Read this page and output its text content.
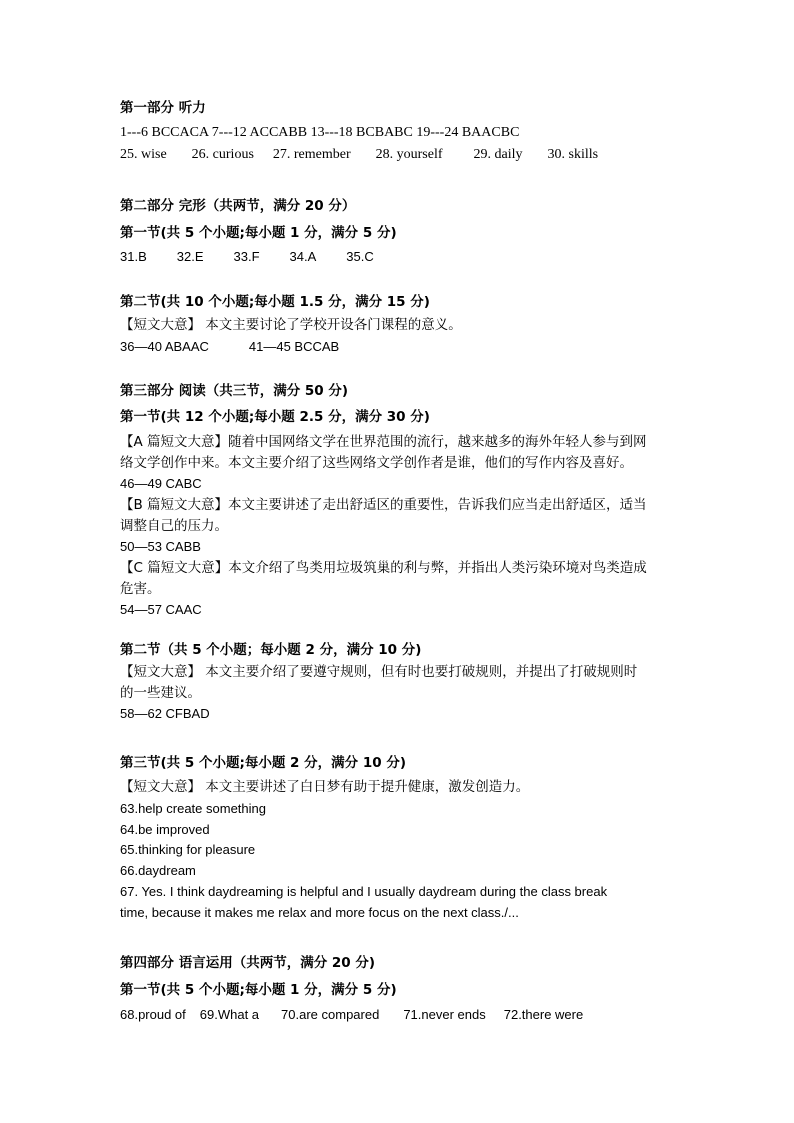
第一部分 听力
1---6 BCCACA 7---12 ACCABB 13---18 BCBABC 19---24 BAACBC
25. wise 26. curious 27. remember 28. yourself 29. daily 30. skills
第二部分 完形（共两节，满分 20 分）
第一节(共 5 个小题;每小题 1 分，满分 5 分)
31.B 32.E 33.F 34.A 35.C
第二节(共 10 个小题;每小题 1.5 分，满分 15 分)
【短文大意】 本文主要讨论了学校开设各门课程的意义。
36—40 ABAAC	41—45 BCCAB
第三部分 阅读（共三节，满分 50 分)
第一节(共 12 个小题;每小题 2.5 分，满分 30 分)
【A 篇短文大意】随着中国网络文学在世界范围的流行，越来越多的海外年轻人参与到网
络文学创作中来。本文主要介绍了这些网络文学创作者是谁，他们的写作内容及喜好。
46—49 CABC
【B 篇短文大意】本文主要讲述了走出舒适区的重要性，告诉我们应当走出舒适区，适当
调整自己的压力。
50—53 CABB
【C 篇短文大意】本文介绍了鸟类用垃圾筑巢的利与弊，并指出人类污染环境对鸟类造成
危害。
54—57 CAAC
第二节（共 5 个小题；每小题 2 分，满分 10 分)
【短文大意】 本文主要介绍了要遵守规则，但有时也要打破规则，并提出了打破规则时
的一些建议。
58—62 CFBAD
第三节(共 5 个小题;每小题 2 分，满分 10 分)
【短文大意】 本文主要讲述了白日梦有助于提升健康，激发创造力。
63.help create something
64.be improved
65.thinking for pleasure
66.daydream
67. Yes. I think daydreaming is helpful and I usually daydream during the class break
time, because it makes me relax and more focus on the next class./...
第四部分 语言运用（共两节，满分 20 分)
第一节(共 5 个小题;每小题 1 分，满分 5 分)
68.proud of 69.What a 70.are compared 71.never ends 72.there were
